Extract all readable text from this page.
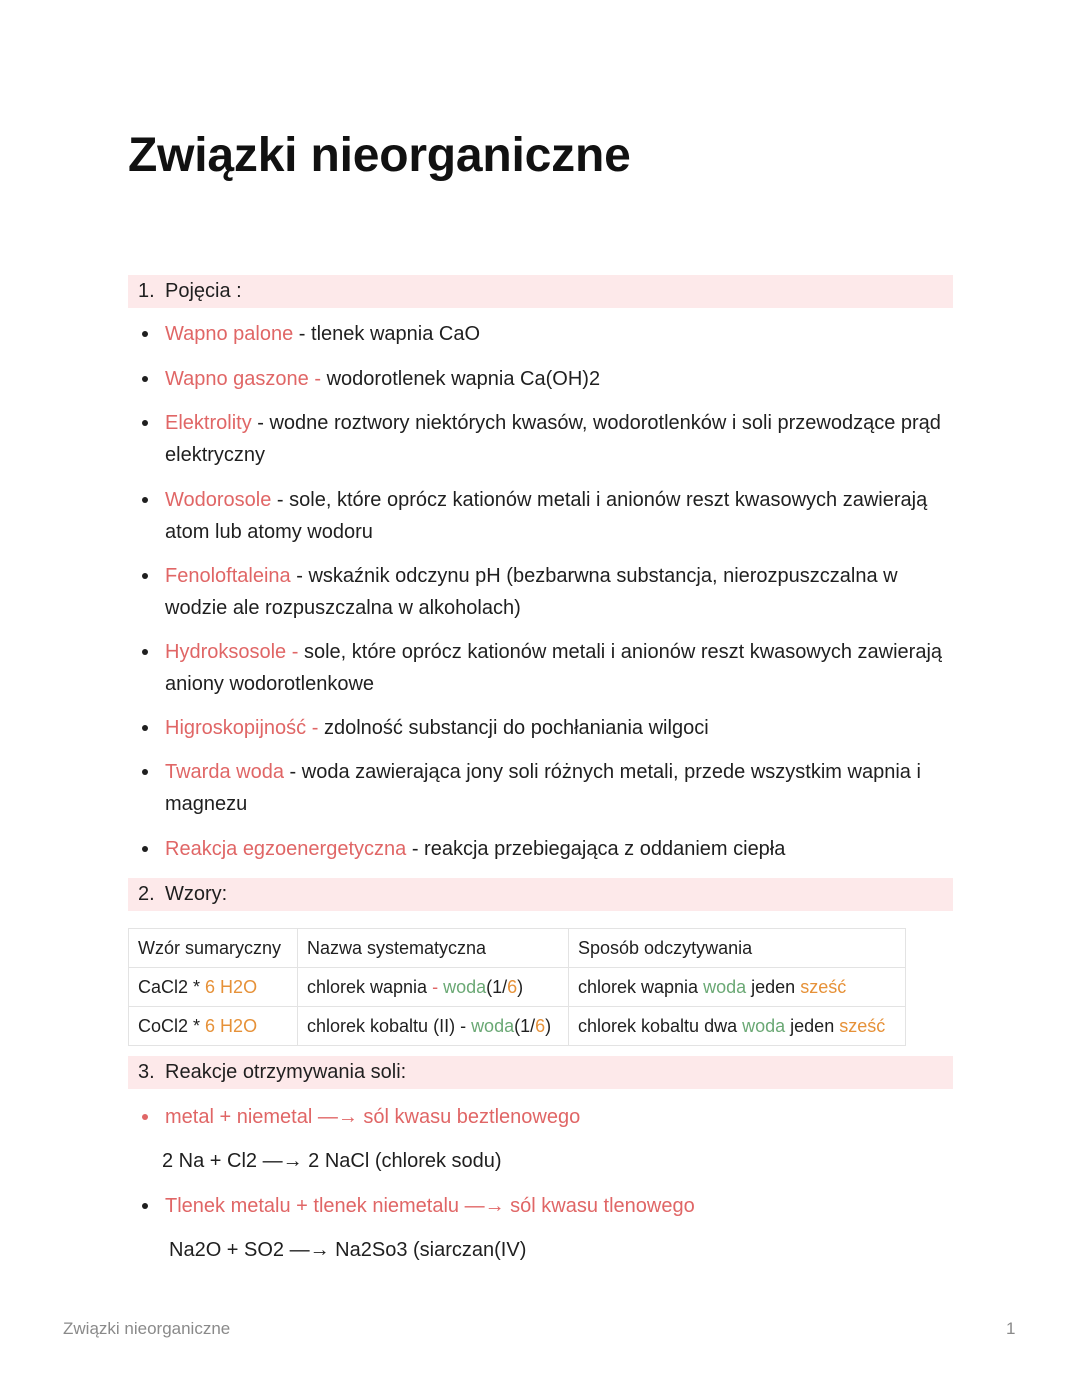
Związki nieorganiczne
1. Pojęcia :
Wapno palone - tlenek wapnia CaO
Wapno gaszone - wodorotlenek wapnia Ca(OH)2
Elektrolity - wodne roztwory niektórych kwasów, wodorotlenków i soli przewodzące prąd elektryczny
Wodorosole - sole, które oprócz kationów metali i anionów reszt kwasowych zawierają atom lub atomy wodoru
Fenoloftaleina - wskaźnik odczynu pH (bezbarwna substancja, nierozpuszczalna w wodzie ale rozpuszczalna w alkoholach)
Hydroksosole - sole, które oprócz kationów metali i anionów reszt kwasowych zawierają aniony wodorotlenkowe
Higroskopijność - zdolność substancji do pochłaniania wilgoci
Twarda woda - woda zawierająca jony soli różnych metali, przede wszystkim wapnia i magnezu
Reakcja egzoenergetyczna - reakcja przebiegająca z oddaniem ciepła
2. Wzory:
Wzór sumaryczny	Nazwa systematyczna	Sposób odczytywania
CaCl2 * 6 H2O	chlorek wapnia - woda(1/6)	chlorek wapnia woda jeden sześć
CoCl2 * 6 H2O	chlorek kobaltu (II) - woda(1/6)	chlorek kobaltu dwa woda jeden sześć
3. Reakcje otrzymywania soli:
metal + niemetal —→ sól kwasu beztlenowego
2 Na + Cl2 —→ 2 NaCl (chlorek sodu)
Tlenek metalu + tlenek niemetalu —→ sól kwasu tlenowego
Na2O + SO2 —→ Na2So3 (siarczan(IV)
Związki nieorganiczne	1
